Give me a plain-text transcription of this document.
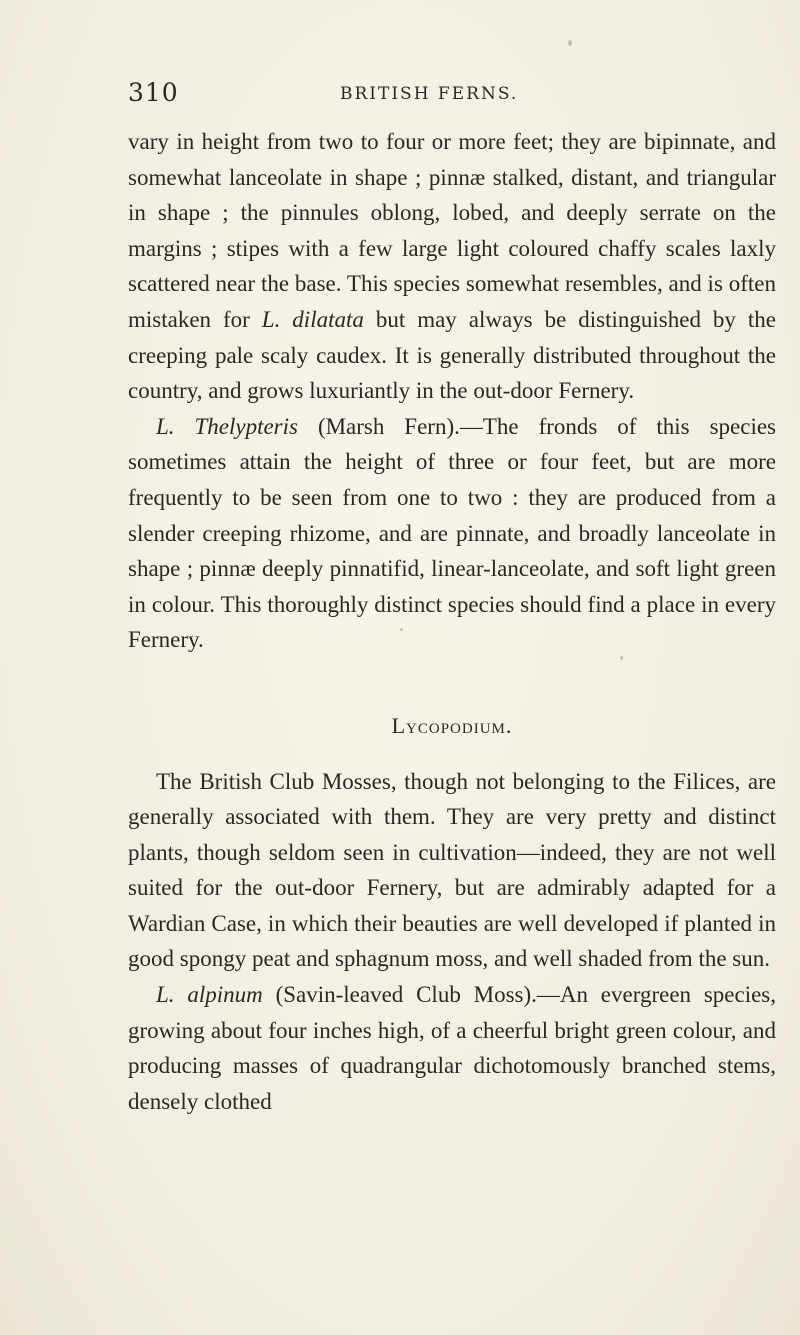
310	BRITISH FERNS.

vary in height from two to four or more feet; they are bipinnate, and somewhat lanceolate in shape ; pinnæ stalked, distant, and triangular in shape ; the pinnules oblong, lobed, and deeply serrate on the margins ; stipes with a few large light coloured chaffy scales laxly scattered near the base. This species somewhat resembles, and is often mistaken for L. dilatata but may always be distinguished by the creeping pale scaly caudex. It is generally distributed throughout the country, and grows luxuriantly in the out-door Fernery.

L. Thelypteris (Marsh Fern).—The fronds of this species sometimes attain the height of three or four feet, but are more frequently to be seen from one to two : they are produced from a slender creeping rhizome, and are pinnate, and broadly lanceolate in shape ; pinnæ deeply pinnatifid, linear-lanceolate, and soft light green in colour. This thoroughly distinct species should find a place in every Fernery.

Lycopodium.

The British Club Mosses, though not belonging to the Filices, are generally associated with them. They are very pretty and distinct plants, though seldom seen in cultivation—indeed, they are not well suited for the out-door Fernery, but are admirably adapted for a Wardian Case, in which their beauties are well developed if planted in good spongy peat and sphagnum moss, and well shaded from the sun.

L. alpinum (Savin-leaved Club Moss).—An evergreen species, growing about four inches high, of a cheerful bright green colour, and producing masses of quadrangular dichotomously branched stems, densely clothed
